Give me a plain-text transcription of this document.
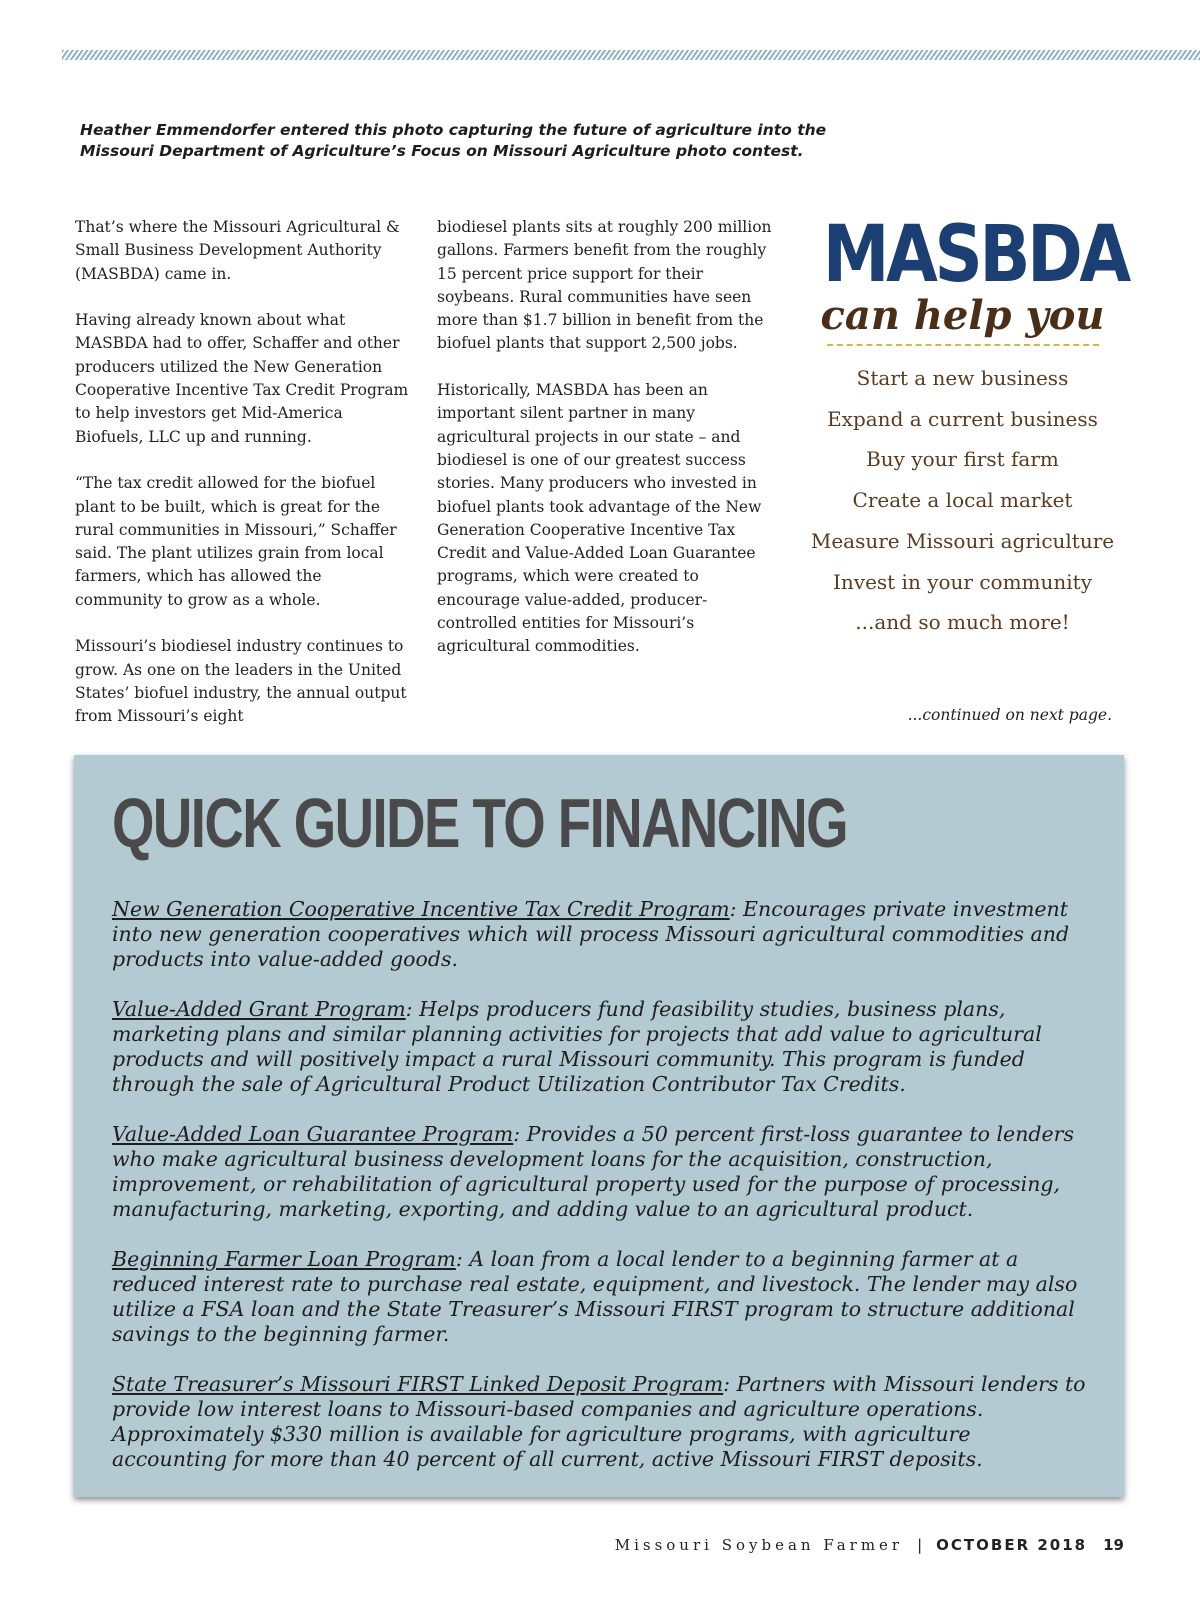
Heather Emmendorfer entered this photo capturing the future of agriculture into the Missouri Department of Agriculture’s Focus on Missouri Agriculture photo contest.

That’s where the Missouri Agricultural & Small Business Development Authority (MASBDA) came in.

Having already known about what MASBDA had to offer, Schaffer and other producers utilized the New Generation Cooperative Incentive Tax Credit Program to help investors get Mid-America Biofuels, LLC up and running.

“The tax credit allowed for the biofuel plant to be built, which is great for the rural communities in Missouri,” Schaffer said. The plant utilizes grain from local farmers, which has allowed the community to grow as a whole.

Missouri’s biodiesel industry continues to grow. As one on the leaders in the United States’ biofuel industry, the annual output from Missouri’s eight

biodiesel plants sits at roughly 200 million gallons. Farmers benefit from the roughly 15 percent price support for their soybeans. Rural communities have seen more than $1.7 billion in benefit from the biofuel plants that support 2,500 jobs.

Historically, MASBDA has been an important silent partner in many agricultural projects in our state – and biodiesel is one of our greatest success stories. Many producers who invested in biofuel plants took advantage of the New Generation Cooperative Incentive Tax Credit and Value-Added Loan Guarantee programs, which were created to encourage value-added, producer-controlled entities for Missouri’s agricultural commodities.

MASBDA
can help you
Start a new business
Expand a current business
Buy your first farm
Create a local market
Measure Missouri agriculture
Invest in your community
...and so much more!
...continued on next page.
QUICK GUIDE TO FINANCING

New Generation Cooperative Incentive Tax Credit Program: Encourages private investment into new generation cooperatives which will process Missouri agricultural commodities and products into value-added goods.

Value-Added Grant Program: Helps producers fund feasibility studies, business plans, marketing plans and similar planning activities for projects that add value to agricultural products and will positively impact a rural Missouri community. This program is funded through the sale of Agricultural Product Utilization Contributor Tax Credits.

Value-Added Loan Guarantee Program: Provides a 50 percent first-loss guarantee to lenders who make agricultural business development loans for the acquisition, construction, improvement, or rehabilitation of agricultural property used for the purpose of processing, manufacturing, marketing, exporting, and adding value to an agricultural product.

Beginning Farmer Loan Program: A loan from a local lender to a beginning farmer at a reduced interest rate to purchase real estate, equipment, and livestock. The lender may also utilize a FSA loan and the State Treasurer’s Missouri FIRST program to structure additional savings to the beginning farmer.

State Treasurer’s Missouri FIRST Linked Deposit Program: Partners with Missouri lenders to provide low interest loans to Missouri-based companies and agriculture operations. Approximately $330 million is available for agriculture programs, with agriculture accounting for more than 40 percent of all current, active Missouri FIRST deposits.

Missouri Soybean Farmer | OCTOBER 2018 19
